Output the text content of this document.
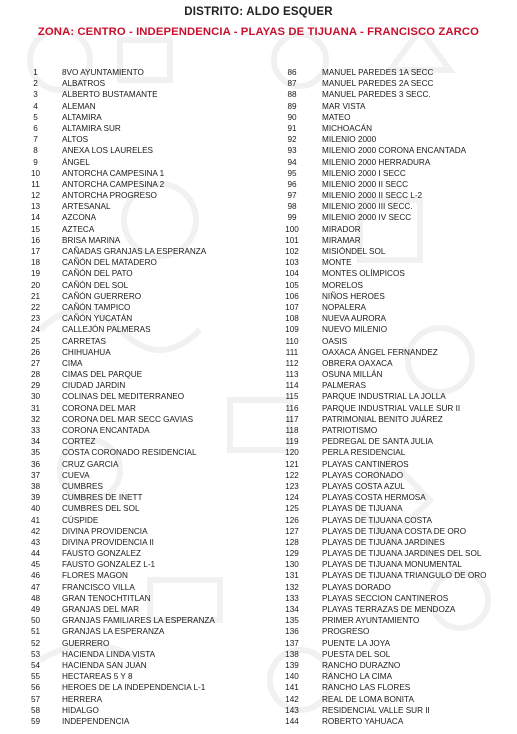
DISTRITO: ALDO ESQUER
ZONA: CENTRO - INDEPENDENCIA - PLAYAS DE TIJUANA - FRANCISCO ZARCO
1	8VO AYUNTAMIENTO
2	ALBATROS
3	ALBERTO BUSTAMANTE
4	ALEMAN
5	ALTAMIRA
6	ALTAMIRA SUR
7	ALTOS
8	ANEXA LOS LAURELES
9	ÁNGEL
10	ANTORCHA CAMPESINA 1
11	ANTORCHA CAMPESINA 2
12	ANTORCHA PROGRESO
13	ARTESANAL
14	AZCONA
15	AZTECA
16	BRISA MARINA
17	CAÑADAS GRANJAS LA ESPERANZA
18	CAÑÓN DEL MATADERO
19	CAÑÓN DEL PATO
20	CAÑÓN DEL SOL
21	CAÑÓN GUERRERO
22	CAÑÓN TAMPICO
23	CAÑÓN YUCATÁN
24	CALLEJÓN PALMERAS
25	CARRETAS
26	CHIHUAHUA
27	CIMA
28	CIMAS DEL PARQUE
29	CIUDAD JARDIN
30	COLINAS DEL MEDITERRANEO
31	CORONA DEL MAR
32	CORONA DEL MAR SECC GAVIAS
33	CORONA ENCANTADA
34	CORTEZ
35	COSTA CORONADO RESIDENCIAL
36	CRUZ GARCIA
37	CUEVA
38	CUMBRES
39	CUMBRES DE INETT
40	CUMBRES DEL SOL
41	CÚSPIDE
42	DIVINA PROVIDENCIA
43	DIVINA PROVIDENCIA II
44	FAUSTO GONZALEZ
45	FAUSTO GONZALEZ L-1
46	FLORES MAGON
47	FRANCISCO VILLA
48	GRAN TENOCHTITLAN
49	GRANJAS DEL MAR
50	GRANJAS FAMILIARES LA ESPERANZA
51	GRANJAS LA ESPERANZA
52	GUERRERO
53	HACIENDA LINDA VISTA
54	HACIENDA SAN JUAN
55	HECTAREAS 5 Y 8
56	HEROES DE LA INDEPENDENCIA L-1
57	HERRERA
58	HIDALGO
59	INDEPENDENCIA
86	MANUEL PAREDES 1A SECC
87	MANUEL PAREDES 2A SECC
88	MANUEL PAREDES 3 SECC.
89	MAR VISTA
90	MATEO
91	MICHOACÁN
92	MILENIO 2000
93	MILENIO 2000 CORONA ENCANTADA
94	MILENIO 2000 HERRADURA
95	MILENIO 2000 I SECC
96	MILENIO 2000 II SECC
97	MILENIO 2000 II SECC L-2
98	MILENIO 2000 III SECC.
99	MILENIO 2000 IV SECC
100	MIRADOR
101	MIRAMAR
102	MISIÓNDEL SOL
103	MONTE
104	MONTES OLÍMPICOS
105	MORELOS
106	NIÑOS HEROES
107	NOPALERA
108	NUEVA AURORA
109	NUEVO MILENIO
110	OASIS
111	OAXACA ÁNGEL FERNANDEZ
112	OBRERA OAXACA
113	OSUNA MILLÁN
114	PALMERAS
115	PARQUE INDUSTRIAL LA JOLLA
116	PARQUE INDUSTRIAL VALLE SUR II
117	PATRIMONIAL BENITO JUÁREZ
118	PATRIOTISMO
119	PEDREGAL DE SANTA JULIA
120	PERLA RESIDENCIAL
121	PLAYAS CANTINEROS
122	PLAYAS CORONADO
123	PLAYAS COSTA AZUL
124	PLAYAS COSTA HERMOSA
125	PLAYAS DE TIJUANA
126	PLAYAS DE TIJUANA COSTA
127	PLAYAS DE TIJUANA COSTA DE ORO
128	PLAYAS DE TIJUANA JARDINES
129	PLAYAS DE TIJUANA JARDINES DEL SOL
130	PLAYAS DE TIJUANA MONUMENTAL
131	PLAYAS DE TIJUANA TRIANGULO DE ORO
132	PLAYAS DORADO
133	PLAYAS SECCION CANTINEROS
134	PLAYAS TERRAZAS DE MENDOZA
135	PRIMER AYUNTAMIENTO
136	PROGRESO
137	PUENTE LA JOYA
138	PUESTA DEL SOL
139	RANCHO DURAZNO
140	RANCHO LA CIMA
141	RANCHO LAS FLORES
142	REAL DE LOMA BONITA
143	RESIDENCIAL VALLE SUR II
144	ROBERTO YAHUACA
